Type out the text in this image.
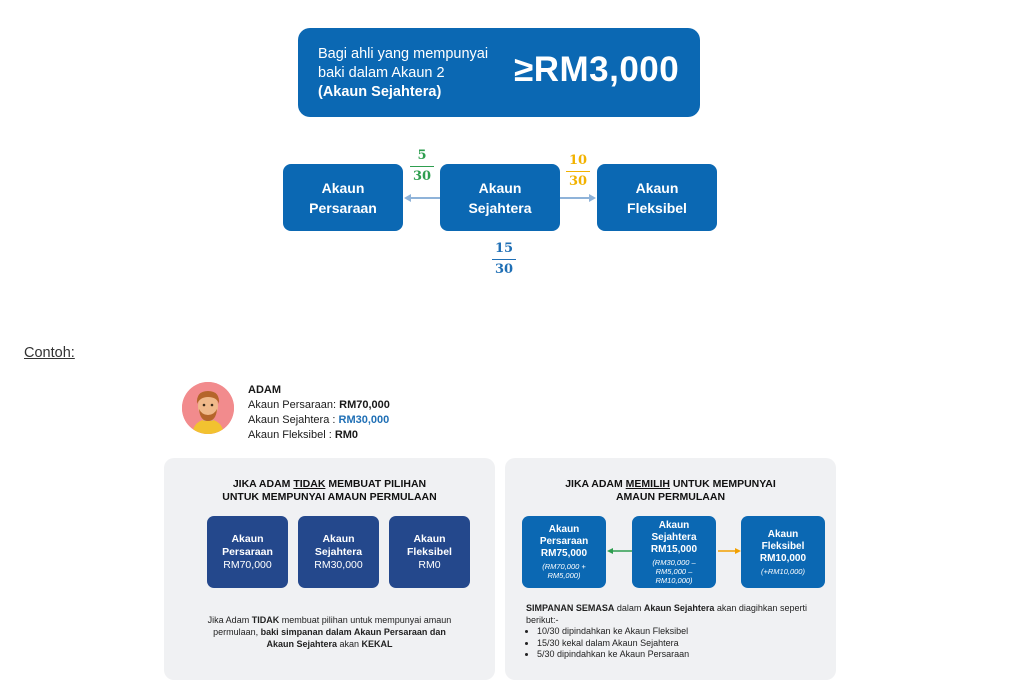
Bagi ahli yang mempunyai
baki dalam Akaun 2
(Akaun Sejahtera)
≥RM3,000
Akaun
Persaraan
Akaun
Sejahtera
Akaun
Fleksibel
5
30
10
30
15
30
Contoh:
ADAM
Akaun Persaraan: RM70,000
Akaun Sejahtera : RM30,000
Akaun Fleksibel : RM0
JIKA ADAM TIDAK MEMBUAT PILIHAN
UNTUK MEMPUNYAI AMAUN PERMULAAN
Akaun
Persaraan
RM70,000
Akaun
Sejahtera
RM30,000
Akaun
Fleksibel
RM0
Jika Adam TIDAK membuat pilihan untuk mempunyai amaun
permulaan, baki simpanan dalam Akaun Persaraan dan
Akaun Sejahtera akan KEKAL
JIKA ADAM MEMILIH UNTUK MEMPUNYAI
AMAUN PERMULAAN
Akaun
Persaraan
RM75,000
(RM70,000 +
RM5,000)
Akaun
Sejahtera
RM15,000
(RM30,000 –
RM5,000 –
RM10,000)
Akaun
Fleksibel
RM10,000
(+RM10,000)
SIMPANAN SEMASA dalam Akaun Sejahtera akan diagihkan seperti
berikut:-
• 10/30 dipindahkan ke Akaun Fleksibel
• 15/30 kekal dalam Akaun Sejahtera
• 5/30 dipindahkan ke Akaun Persaraan
